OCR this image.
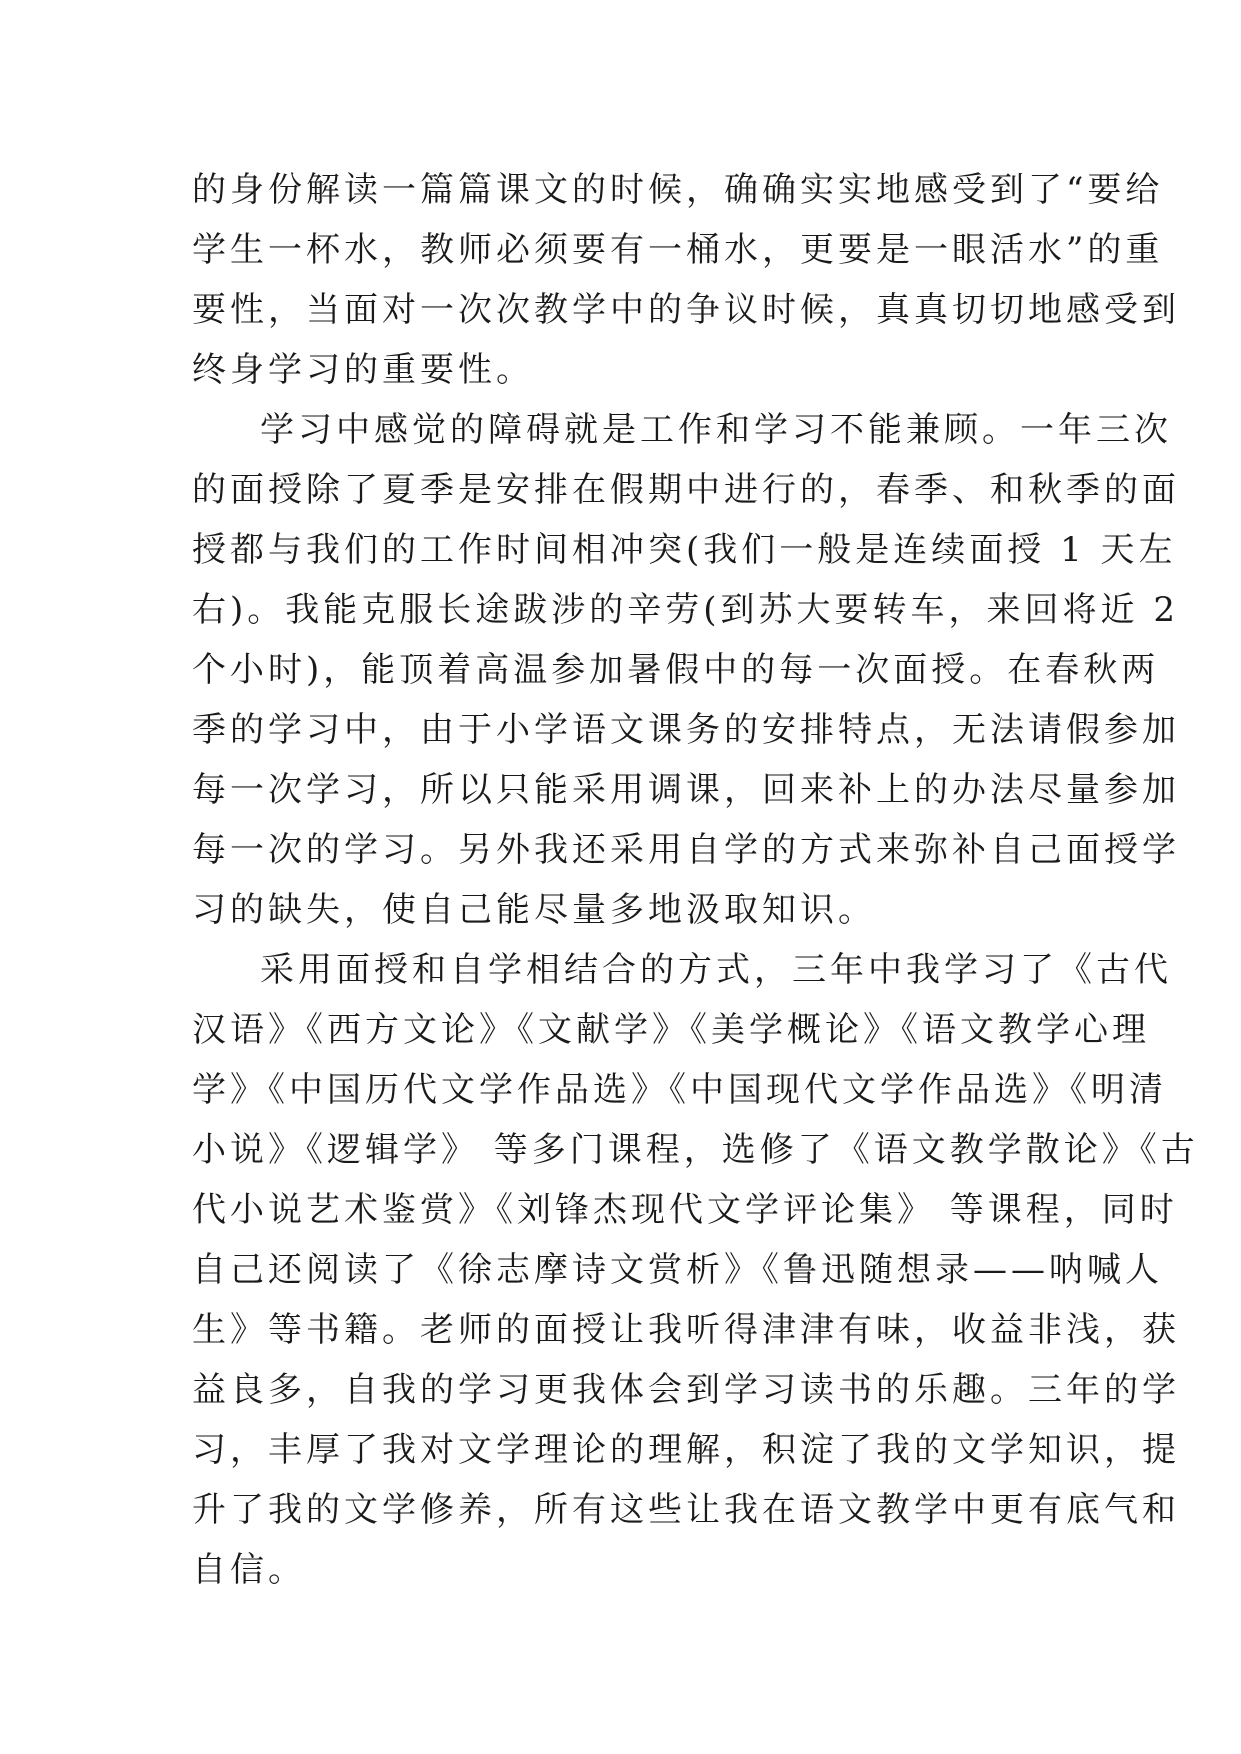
的身份解读一篇篇课文的时候，确确实实地感受到了“要给
学生一杯水，教师必须要有一桶水，更要是一眼活水”的重
要性，当面对一次次教学中的争议时候，真真切切地感受到
终身学习的重要性。
学习中感觉的障碍就是工作和学习不能兼顾。一年三次
的面授除了夏季是安排在假期中进行的，春季、和秋季的面
授都与我们的工作时间相冲突(我们一般是连续面授 1 天左
右)。我能克服长途跋涉的辛劳(到苏大要转车，来回将近 2
个小时)，能顶着高温参加暑假中的每一次面授。在春秋两
季的学习中，由于小学语文课务的安排特点，无法请假参加
每一次学习，所以只能采用调课，回来补上的办法尽量参加
每一次的学习。另外我还采用自学的方式来弥补自己面授学
习的缺失，使自己能尽量多地汲取知识。
采用面授和自学相结合的方式，三年中我学习了《古代
汉语》《西方文论》《文献学》《美学概论》《语文教学心理
学》《中国历代文学作品选》《中国现代文学作品选》《明清
小说》《逻辑学》 等多门课程，选修了《语文教学散论》《古
代小说艺术鉴赏》《刘锋杰现代文学评论集》 等课程，同时
自己还阅读了《徐志摩诗文赏析》《鲁迅随想录——呐喊人
生》等书籍。老师的面授让我听得津津有味，收益非浅，获
益良多，自我的学习更我体会到学习读书的乐趣。三年的学
习，丰厚了我对文学理论的理解，积淀了我的文学知识，提
升了我的文学修养，所有这些让我在语文教学中更有底气和
自信。
